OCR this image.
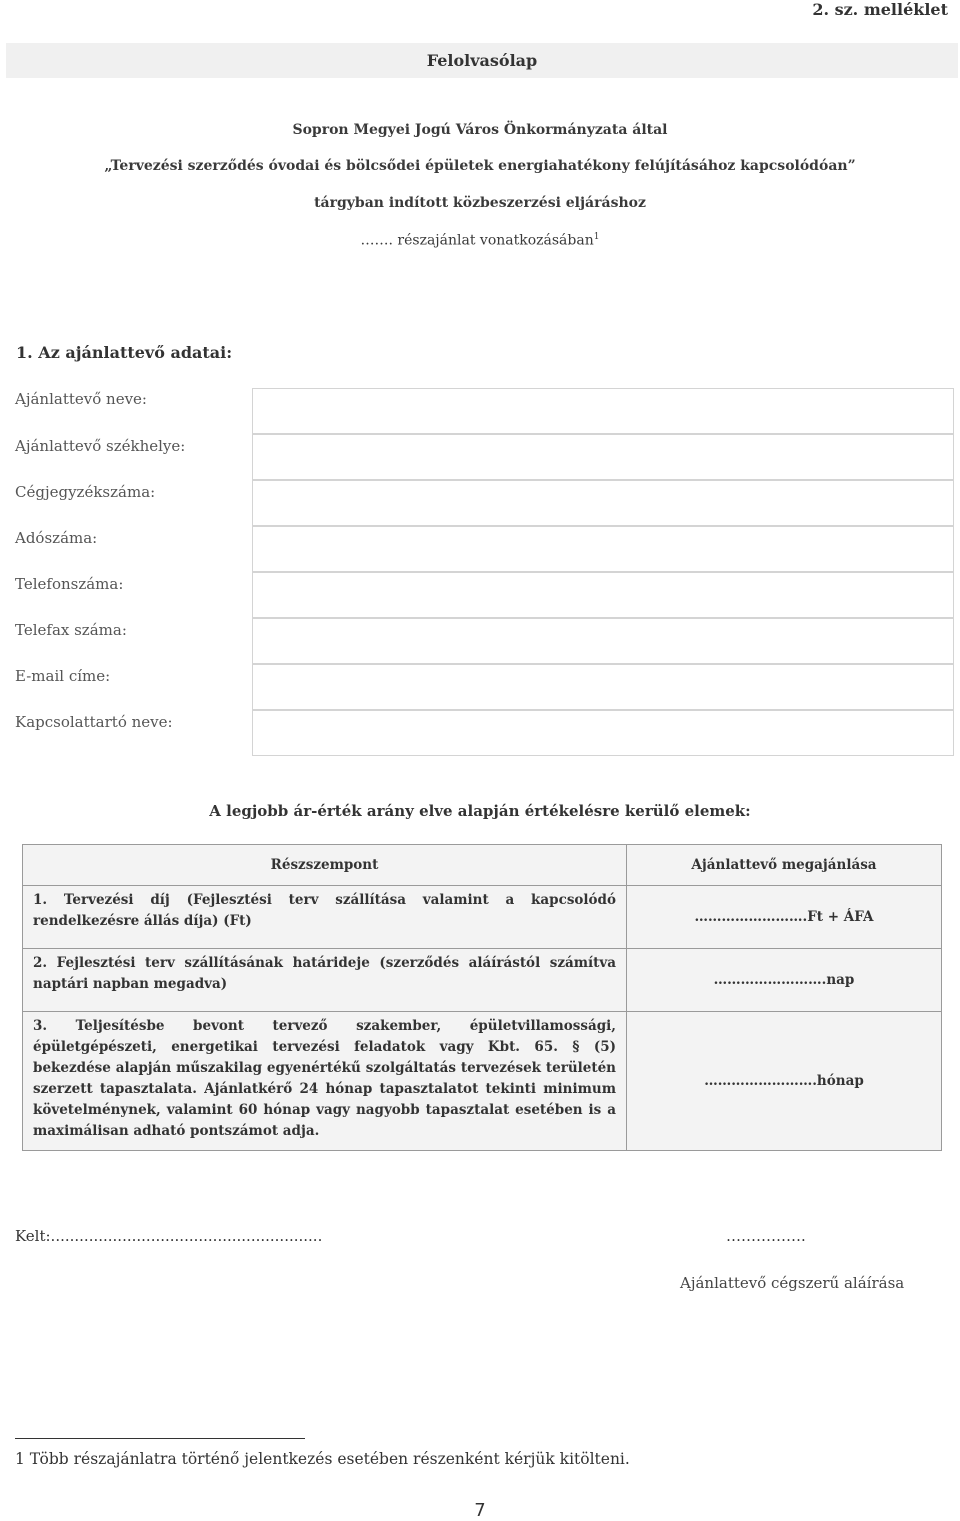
2. sz. melléklet
Felolvasólap
Sopron Megyei Jogú Város Önkormányzata által
„Tervezési szerződés óvodai és bölcsődei épületek energiahatékony felújításához kapcsolódóan”
tárgyban indított közbeszerzési eljáráshoz
……. részajánlat vonatkozásában$^1$
1. Az ajánlattevő adatai:
Ajánlattevő neve:
Ajánlattevő székhelye:
Cégjegyzékszáma:
Adószáma:
Telefonszáma:
Telefax száma:
E-mail címe:
Kapcsolattartó neve:
A legjobb ár-érték arány elve alapján értékelésre kerülő elemek:
Részszempont	Ajánlattevő megajánlása
1. Tervezési díj (Fejlesztési terv szállítása valamint a kapcsolódó rendelkezésre állás díja) (Ft)	…………………….Ft + ÁFA
2. Fejlesztési terv szállításának határideje (szerződés aláírástól számítva naptári napban megadva)	…………………….nap
3. Teljesítésbe bevont tervező szakember, épületvillamossági, épületgépészeti, energetikai tervezési feladatok vagy Kbt. 65. § (5) bekezdése alapján műszakilag egyenértékű szolgáltatás tervezések területén szerzett tapasztalata. Ajánlatkérő 24 hónap tapasztalatot tekinti minimum követelménynek, valamint 60 hónap vagy nagyobb tapasztalat esetében is a maximálisan adható pontszámot adja.	…………………….hónap
Kelt:.........................................................	…………….
Ajánlattevő cégszerű aláírása
1 Több részajánlatra történő jelentkezés esetében részenként kérjük kitölteni.
7
